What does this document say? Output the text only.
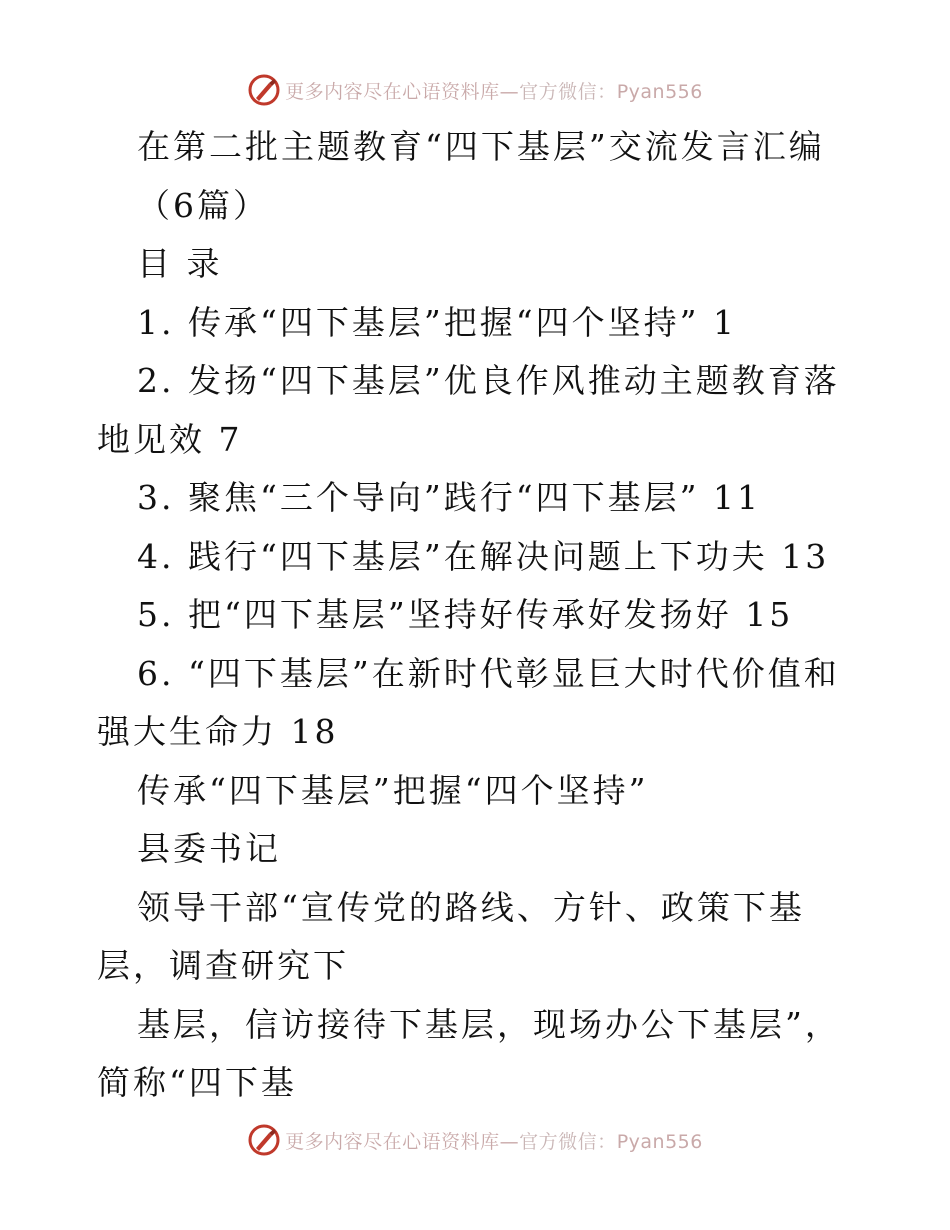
更多内容尽在心语资料库—官方微信：Pyan556

在第二批主题教育“四下基层”交流发言汇编

（6篇）

目 录

1. 传承“四下基层”把握“四个坚持” 1

2. 发扬“四下基层”优良作风推动主题教育落地见效 7

3. 聚焦“三个导向”践行“四下基层” 11

4. 践行“四下基层”在解决问题上下功夫 13

5. 把“四下基层”坚持好传承好发扬好 15

6. “四下基层”在新时代彰显巨大时代价值和强大生命力 18

传承“四下基层”把握“四个坚持”

县委书记

领导干部“宣传党的路线、方针、政策下基层，调查研究下

基层，信访接待下基层，现场办公下基层”，简称“四下基

更多内容尽在心语资料库—官方微信：Pyan556
